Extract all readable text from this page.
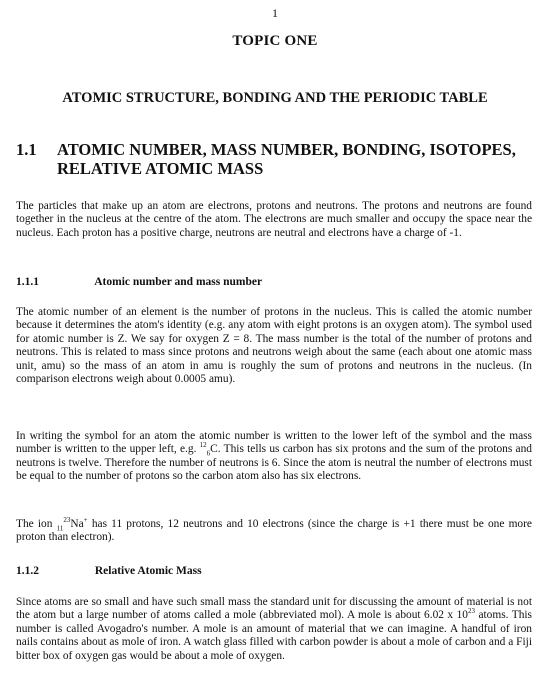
1
TOPIC ONE
ATOMIC STRUCTURE, BONDING AND THE PERIODIC TABLE
1.1 ATOMIC NUMBER, MASS NUMBER, BONDING, ISOTOPES, RELATIVE ATOMIC MASS

The particles that make up an atom are electrons, protons and neutrons. The protons and neutrons are found together in the nucleus at the centre of the atom. The electrons are much smaller and occupy the space near the nucleus. Each proton has a positive charge, neutrons are neutral and electrons have a charge of -1.

1.1.1	Atomic number and mass number

The atomic number of an element is the number of protons in the nucleus. This is called the atomic number because it determines the atom's identity (e.g. any atom with eight protons is an oxygen atom). The symbol used for atomic number is Z. We say for oxygen Z = 8. The mass number is the total of the number of protons and neutrons. This is related to mass since protons and neutrons weigh about the same (each about one atomic mass unit, amu) so the mass of an atom in amu is roughly the sum of protons and neutrons in the nucleus. (In comparison electrons weigh about 0.0005 amu).

In writing the symbol for an atom the atomic number is written to the lower left of the symbol and the mass number is written to the upper left, e.g. $^{12}_6$C. This tells us carbon has six protons and the sum of the protons and neutrons is twelve. Therefore the number of neutrons is 6. Since the atom is neutral the number of electrons must be equal to the number of protons so the carbon atom also has six electrons.

The ion $_{11}^{23}$Na+ has 11 protons, 12 neutrons and 10 electrons (since the charge is +1 there must be one more proton than electron).

1.1.2	Relative Atomic Mass

Since atoms are so small and have such small mass the standard unit for discussing the amount of material is not the atom but a large number of atoms called a mole (abbreviated mol). A mole is about 6.02 x $10^{23}$ atoms. This number is called Avogadro's number. A mole is an amount of material that we can imagine. A handful of iron nails contains about as mole of iron. A watch glass filled with carbon powder is about a mole of carbon and a Fiji bitter box of oxygen gas would be about a mole of oxygen.
